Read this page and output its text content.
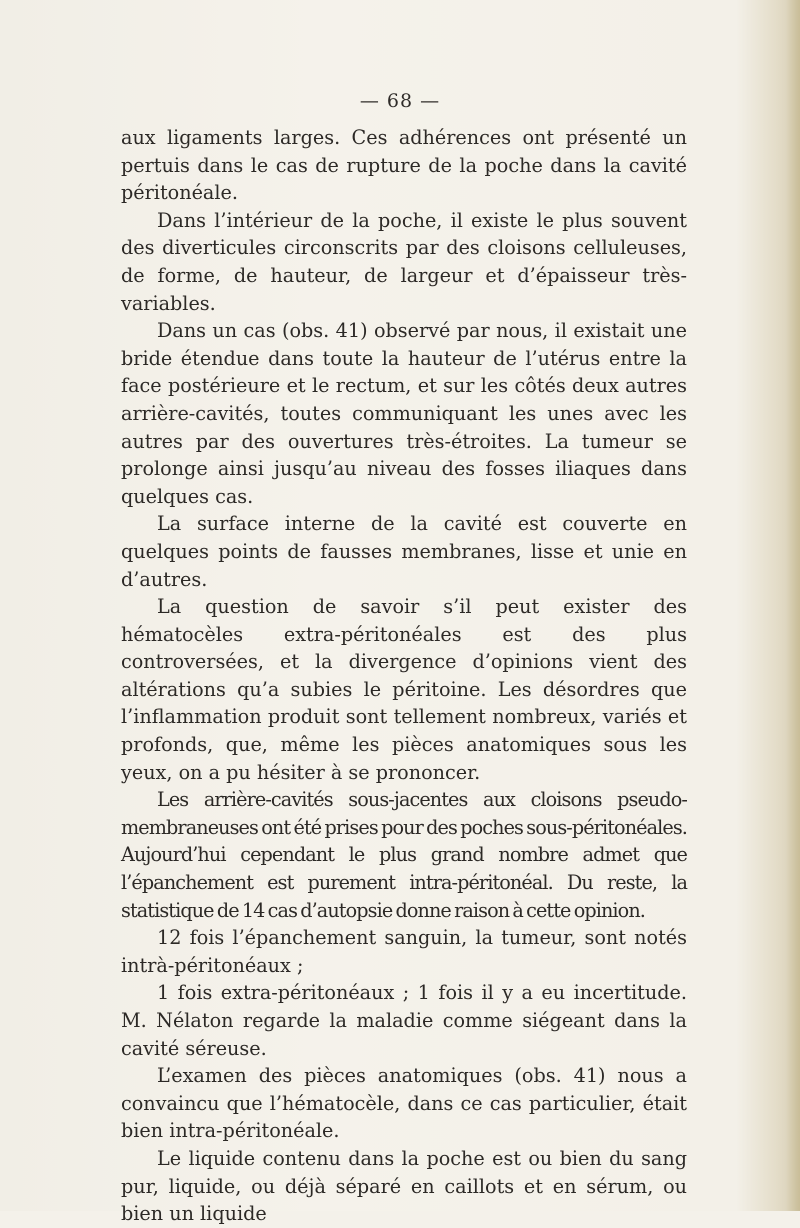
— 68 —

aux ligaments larges. Ces adhérences ont présenté un pertuis dans le cas de rupture de la poche dans la cavité péritonéale.

Dans l’intérieur de la poche, il existe le plus souvent des diverticules circonscrits par des cloisons celluleuses, de forme, de hauteur, de largeur et d’épaisseur très-variables.

Dans un cas (obs. 41) observé par nous, il existait une bride étendue dans toute la hauteur de l’utérus entre la face postérieure et le rectum, et sur les côtés deux autres arrière-cavités, toutes communiquant les unes avec les autres par des ouvertures très-étroites. La tumeur se prolonge ainsi jusqu’au niveau des fosses iliaques dans quelques cas.

La surface interne de la cavité est couverte en quelques points de fausses membranes, lisse et unie en d’autres.

La question de savoir s’il peut exister des hématocèles extra-péritonéales est des plus controversées, et la divergence d’opinions vient des altérations qu’a subies le péritoine. Les désordres que l’inflammation produit sont tellement nombreux, variés et profonds, que, même les pièces anatomiques sous les yeux, on a pu hésiter à se prononcer.

Les arrière-cavités sous-jacentes aux cloisons pseudo-membraneuses ont été prises pour des poches sous-péritonéales. Aujourd’hui cependant le plus grand nombre admet que l’épanchement est purement intra-péritonéal. Du reste, la statistique de 14 cas d’autopsie donne raison à cette opinion.

12 fois l’épanchement sanguin, la tumeur, sont notés intrà-péritonéaux ;

1 fois extra-péritonéaux ; 1 fois il y a eu incertitude. M. Nélaton regarde la maladie comme siégeant dans la cavité séreuse.

L’examen des pièces anatomiques (obs. 41) nous a convaincu que l’hématocèle, dans ce cas particulier, était bien intra-péritonéale.

Le liquide contenu dans la poche est ou bien du sang pur, liquide, ou déjà séparé en caillots et en sérum, ou bien un liquide
